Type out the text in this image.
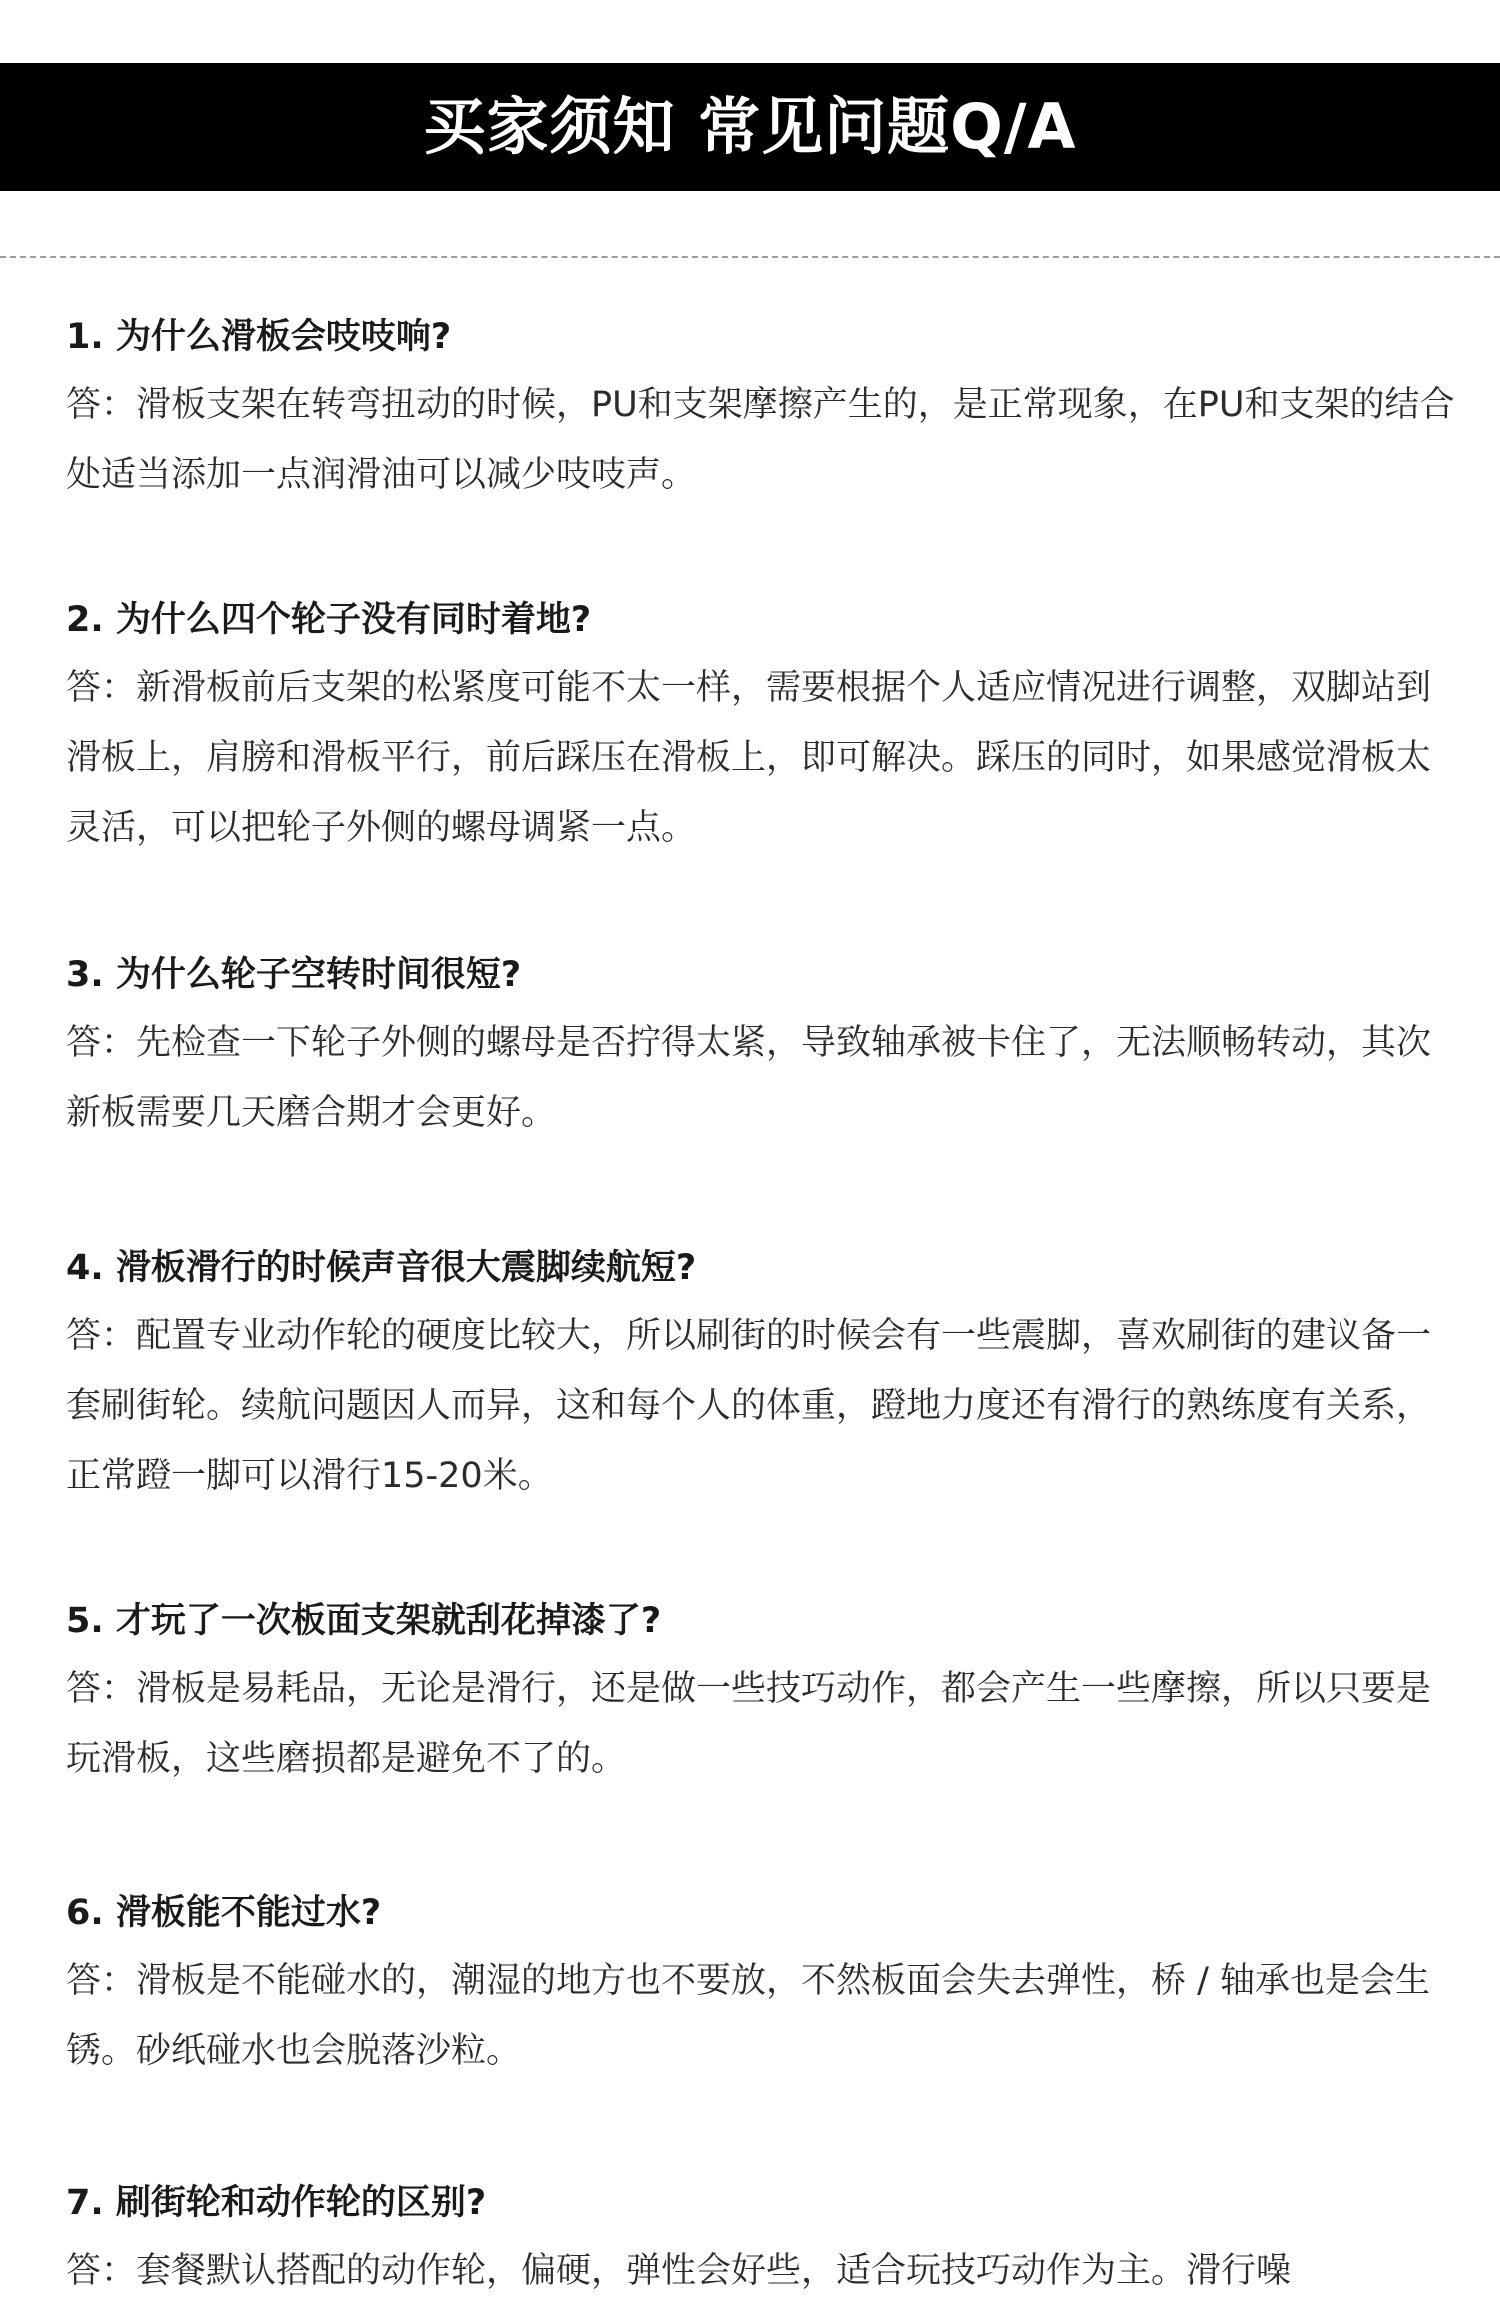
买家须知 常见问题Q/A
1. 为什么滑板会吱吱响?
答：滑板支架在转弯扭动的时候，PU和支架摩擦产生的，是正常现象，在PU和支架的结合处适当添加一点润滑油可以减少吱吱声。
2. 为什么四个轮子没有同时着地?
答：新滑板前后支架的松紧度可能不太一样，需要根据个人适应情况进行调整，双脚站到滑板上，肩膀和滑板平行，前后踩压在滑板上，即可解决。踩压的同时，如果感觉滑板太灵活，可以把轮子外侧的螺母调紧一点。
3. 为什么轮子空转时间很短?
答：先检查一下轮子外侧的螺母是否拧得太紧，导致轴承被卡住了，无法顺畅转动，其次新板需要几天磨合期才会更好。
4. 滑板滑行的时候声音很大震脚续航短?
答：配置专业动作轮的硬度比较大，所以刷街的时候会有一些震脚，喜欢刷街的建议备一套刷街轮。续航问题因人而异，这和每个人的体重，蹬地力度还有滑行的熟练度有关系，正常蹬一脚可以滑行15-20米。
5. 才玩了一次板面支架就刮花掉漆了?
答：滑板是易耗品，无论是滑行，还是做一些技巧动作，都会产生一些摩擦，所以只要是玩滑板，这些磨损都是避免不了的。
6. 滑板能不能过水?
答：滑板是不能碰水的，潮湿的地方也不要放，不然板面会失去弹性，桥 / 轴承也是会生锈。砂纸碰水也会脱落沙粒。
7. 刷街轮和动作轮的区别?
答：套餐默认搭配的动作轮，偏硬，弹性会好些，适合玩技巧动作为主。滑行噪
